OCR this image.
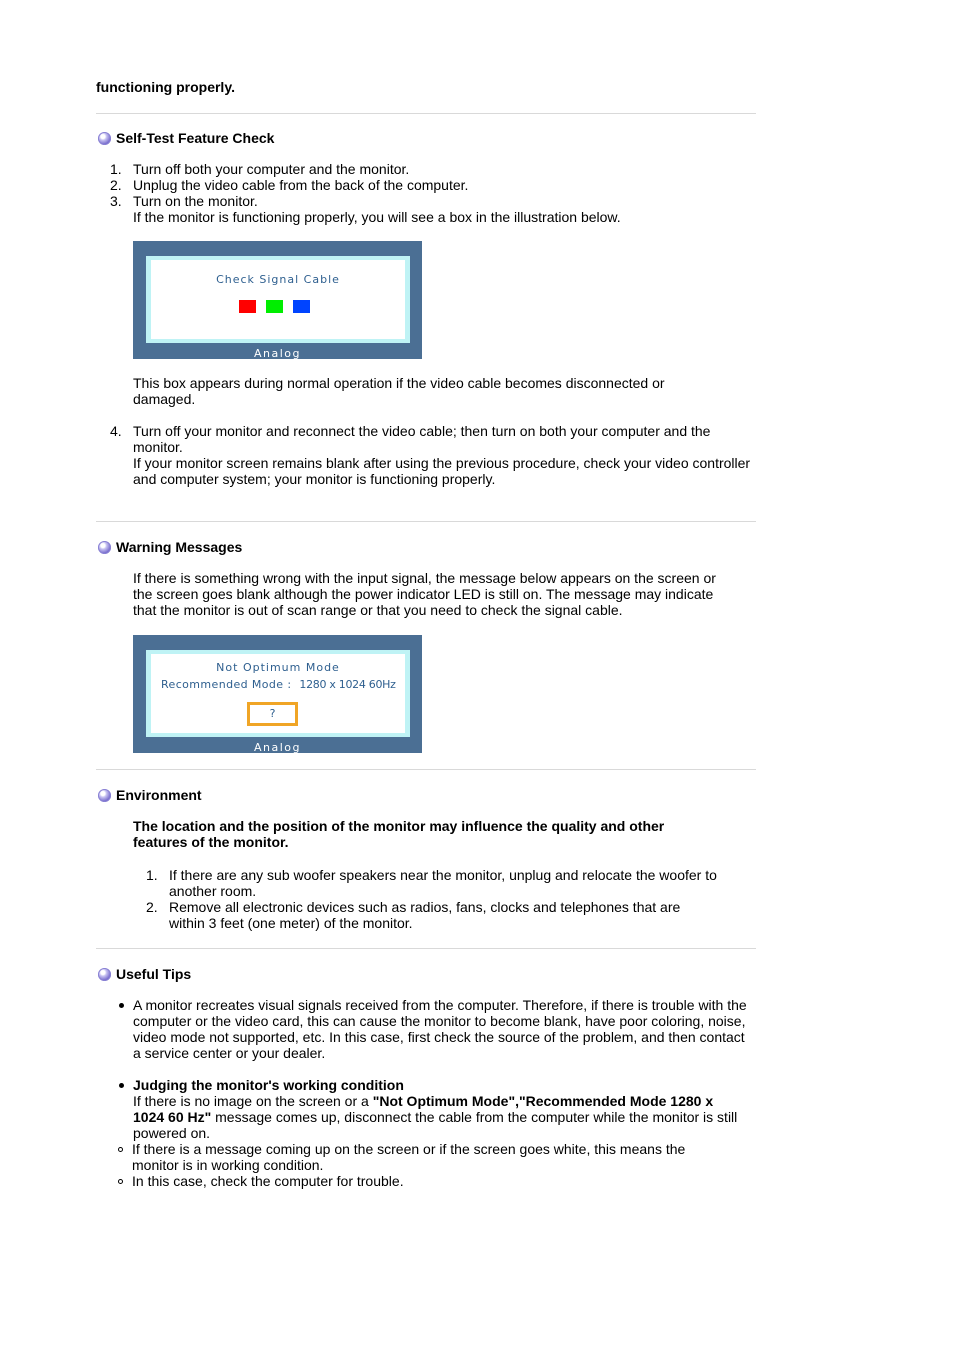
functioning properly.

Self-Test Feature Check
1. Turn off both your computer and the monitor.
2. Unplug the video cable from the back of the computer.
3. Turn on the monitor.
If the monitor is functioning properly, you will see a box in the illustration below.
Check Signal Cable
Analog
This box appears during normal operation if the video cable becomes disconnected or damaged.
4. Turn off your monitor and reconnect the video cable; then turn on both your computer and the monitor.
If your monitor screen remains blank after using the previous procedure, check your video controller and computer system; your monitor is functioning properly.
Warning Messages
If there is something wrong with the input signal, the message below appears on the screen or the screen goes blank although the power indicator LED is still on. The message may indicate that the monitor is out of scan range or that you need to check the signal cable.
Not Optimum Mode
Recommended Mode : 1280 x 1024 60Hz
?
Analog
Environment
The location and the position of the monitor may influence the quality and other features of the monitor.
1. If there are any sub woofer speakers near the monitor, unplug and relocate the woofer to another room.
2. Remove all electronic devices such as radios, fans, clocks and telephones that are within 3 feet (one meter) of the monitor.
Useful Tips
A monitor recreates visual signals received from the computer. Therefore, if there is trouble with the computer or the video card, this can cause the monitor to become blank, have poor coloring, noise, video mode not supported, etc. In this case, first check the source of the problem, and then contact a service center or your dealer.
Judging the monitor's working condition
If there is no image on the screen or a "Not Optimum Mode","Recommended Mode 1280 x 1024 60 Hz" message comes up, disconnect the cable from the computer while the monitor is still powered on.
If there is a message coming up on the screen or if the screen goes white, this means the monitor is in working condition.
In this case, check the computer for trouble.
